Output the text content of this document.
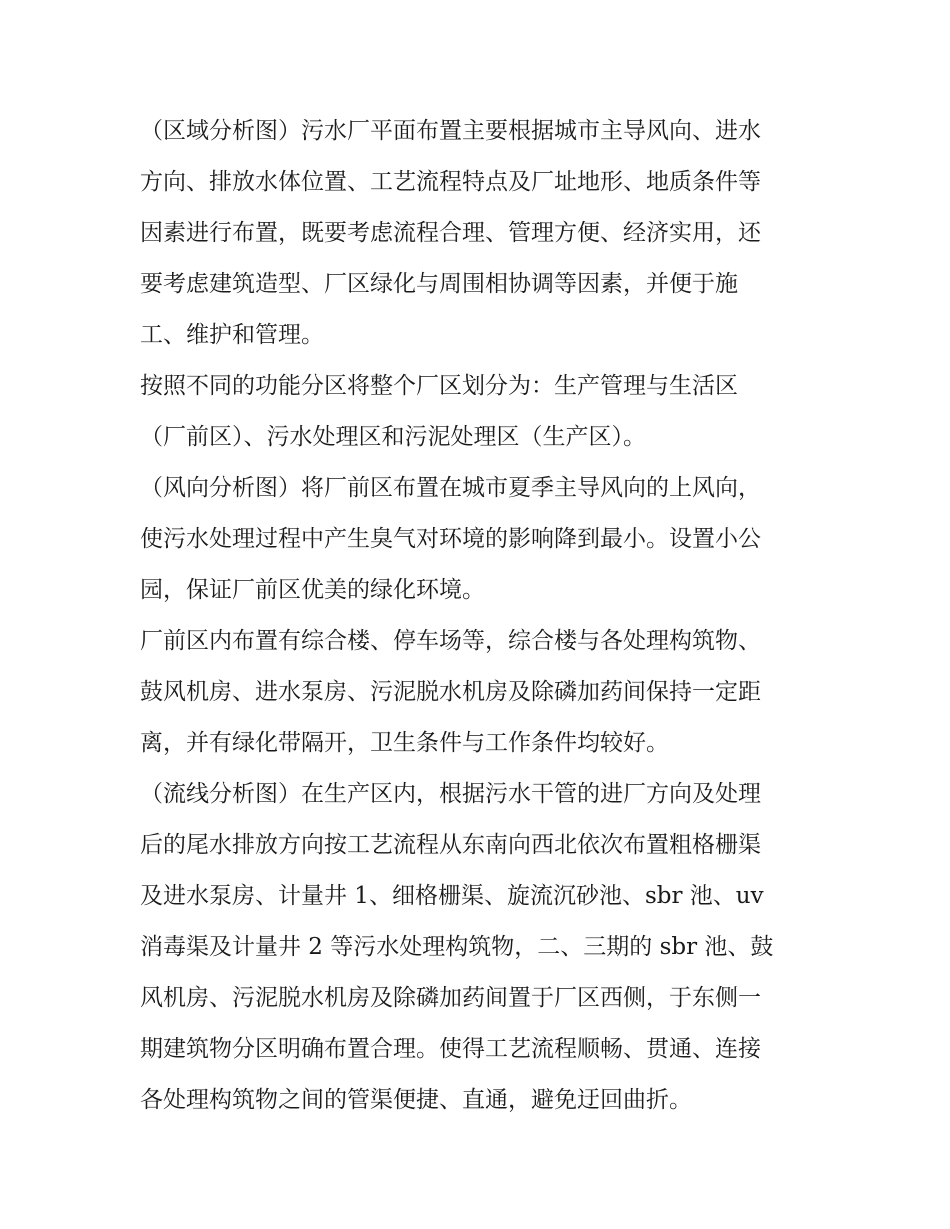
（区域分析图）污水厂平面布置主要根据城市主导风向、进水
方向、排放水体位置、工艺流程特点及厂址地形、地质条件等
因素进行布置，既要考虑流程合理、管理方便、经济实用，还
要考虑建筑造型、厂区绿化与周围相协调等因素，并便于施
工、维护和管理。
按照不同的功能分区将整个厂区划分为：生产管理与生活区
（厂前区）、污水处理区和污泥处理区（生产区）。
（风向分析图）将厂前区布置在城市夏季主导风向的上风向，
使污水处理过程中产生臭气对环境的影响降到最小。设置小公
园，保证厂前区优美的绿化环境。
厂前区内布置有综合楼、停车场等，综合楼与各处理构筑物、
鼓风机房、进水泵房、污泥脱水机房及除磷加药间保持一定距
离，并有绿化带隔开，卫生条件与工作条件均较好。
（流线分析图）在生产区内，根据污水干管的进厂方向及处理
后的尾水排放方向按工艺流程从东南向西北依次布置粗格栅渠
及进水泵房、计量井 1、细格栅渠、旋流沉砂池、sbr 池、uv
消毒渠及计量井 2 等污水处理构筑物，二、三期的 sbr 池、鼓
风机房、污泥脱水机房及除磷加药间置于厂区西侧，于东侧一
期建筑物分区明确布置合理。使得工艺流程顺畅、贯通、连接
各处理构筑物之间的管渠便捷、直通，避免迂回曲折。
